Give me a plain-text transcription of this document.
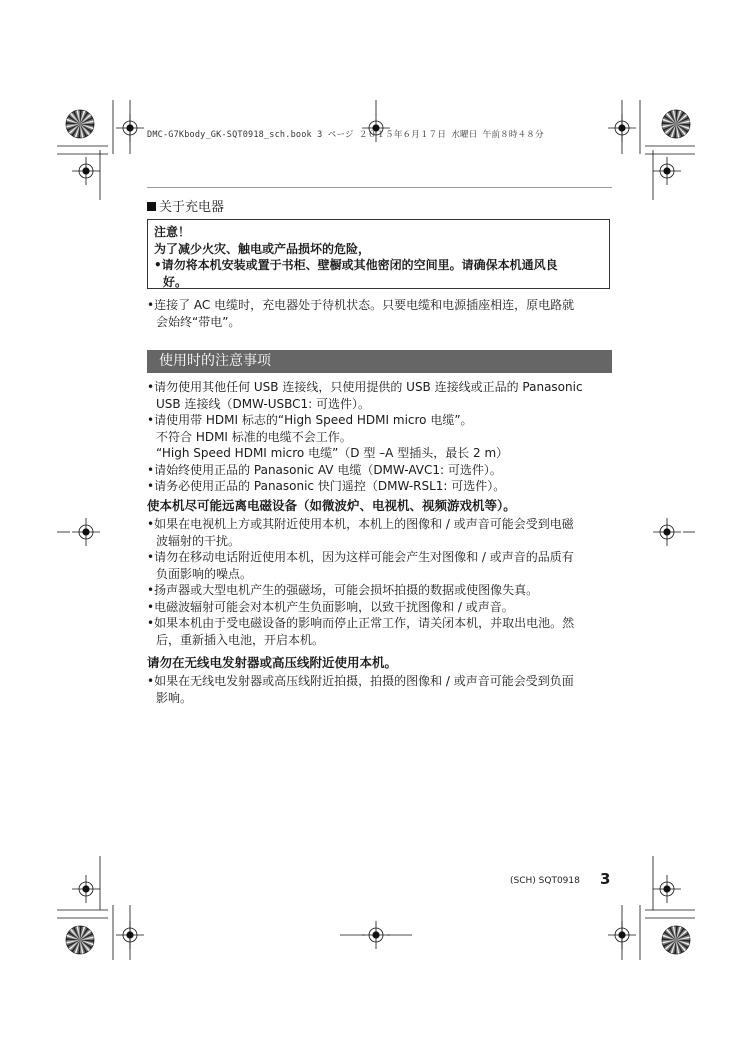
DMC-G7Kbody_GK-SQT0918_sch.book 3 ページ ２０１５年６月１７日 水曜日 午前８時４８分
关于充电器
注意！
为了减少火灾、触电或产品损坏的危险，
•请勿将本机安装或置于书柜、壁橱或其他密闭的空间里。请确保本机通风良
好。
•连接了 AC 电缆时，充电器处于待机状态。只要电缆和电源插座相连，原电路就
会始终“带电”。
使用时的注意事项
•请勿使用其他任何 USB 连接线，只使用提供的 USB 连接线或正品的 Panasonic
USB 连接线（DMW-USBC1: 可选件）。
•请使用带 HDMI 标志的“High Speed HDMI micro 电缆”。
不符合 HDMI 标准的电缆不会工作。
“High Speed HDMI micro 电缆”（D 型 –A 型插头，最长 2 m）
•请始终使用正品的 Panasonic AV 电缆（DMW-AVC1: 可选件）。
•请务必使用正品的 Panasonic 快门遥控（DMW-RSL1: 可选件）。
使本机尽可能远离电磁设备（如微波炉、电视机、视频游戏机等）。
•如果在电视机上方或其附近使用本机，本机上的图像和 / 或声音可能会受到电磁
波辐射的干扰。
•请勿在移动电话附近使用本机，因为这样可能会产生对图像和 / 或声音的品质有
负面影响的噪点。
•扬声器或大型电机产生的强磁场，可能会损坏拍摄的数据或使图像失真。
•电磁波辐射可能会对本机产生负面影响，以致干扰图像和 / 或声音。
•如果本机由于受电磁设备的影响而停止正常工作，请关闭本机，并取出电池。然
后，重新插入电池，开启本机。
请勿在无线电发射器或高压线附近使用本机。
•如果在无线电发射器或高压线附近拍摄，拍摄的图像和 / 或声音可能会受到负面
影响。
(SCH) SQT0918 3
